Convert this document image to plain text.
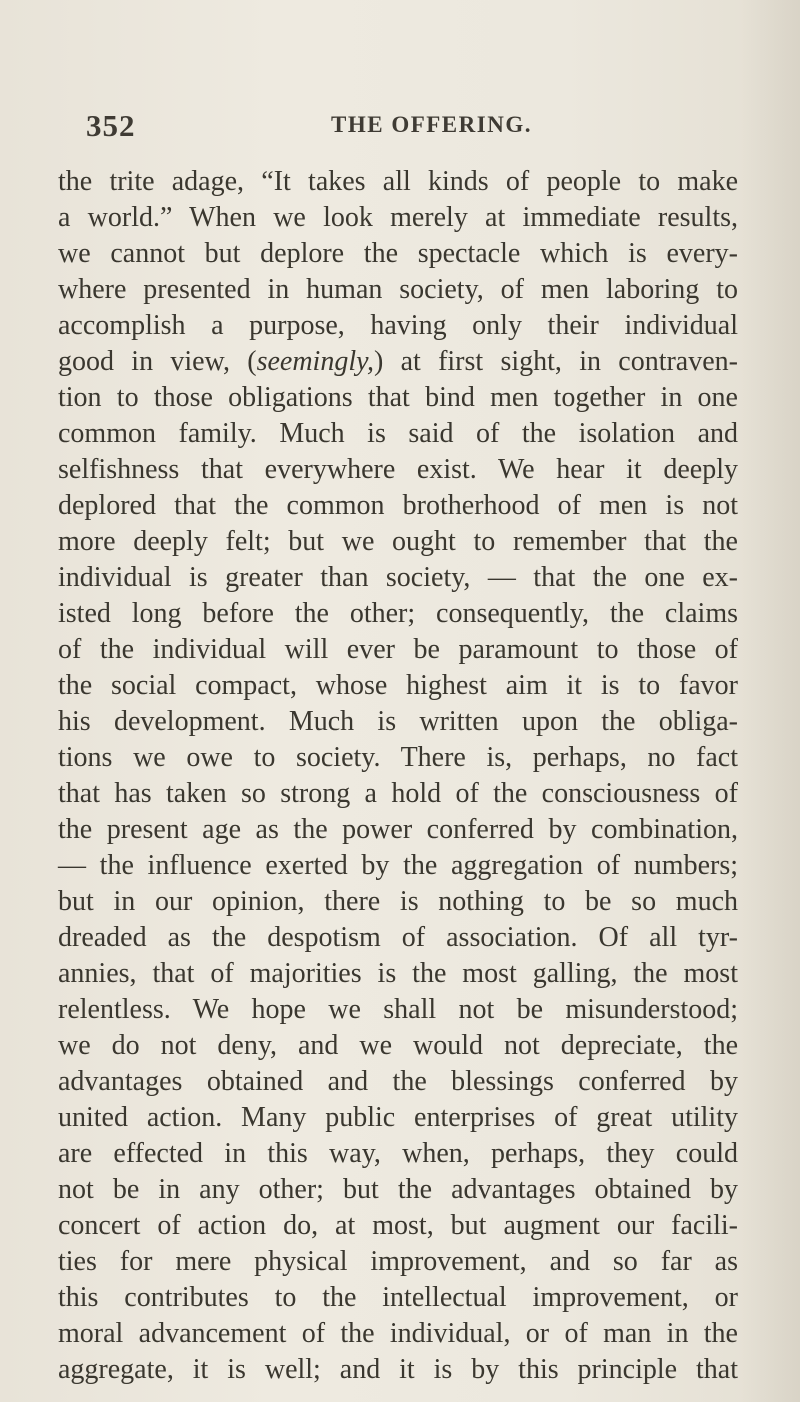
352	THE OFFERING.
the trite adage, “It takes all kinds of people to make
a world.” When we look merely at immediate results,
we cannot but deplore the spectacle which is every-
where presented in human society, of men laboring to
accomplish a purpose, having only their individual
good in view, (seemingly,) at first sight, in contraven-
tion to those obligations that bind men together in one
common family. Much is said of the isolation and
selfishness that everywhere exist. We hear it deeply
deplored that the common brotherhood of men is not
more deeply felt; but we ought to remember that the
individual is greater than society, — that the one ex-
isted long before the other; consequently, the claims
of the individual will ever be paramount to those of
the social compact, whose highest aim it is to favor
his development. Much is written upon the obliga-
tions we owe to society. There is, perhaps, no fact
that has taken so strong a hold of the consciousness of
the present age as the power conferred by combination,
— the influence exerted by the aggregation of numbers;
but in our opinion, there is nothing to be so much
dreaded as the despotism of association. Of all tyr-
annies, that of majorities is the most galling, the most
relentless. We hope we shall not be misunderstood;
we do not deny, and we would not depreciate, the
advantages obtained and the blessings conferred by
united action. Many public enterprises of great utility
are effected in this way, when, perhaps, they could
not be in any other; but the advantages obtained by
concert of action do, at most, but augment our facili-
ties for mere physical improvement, and so far as
this contributes to the intellectual improvement, or
moral advancement of the individual, or of man in the
aggregate, it is well; and it is by this principle that
